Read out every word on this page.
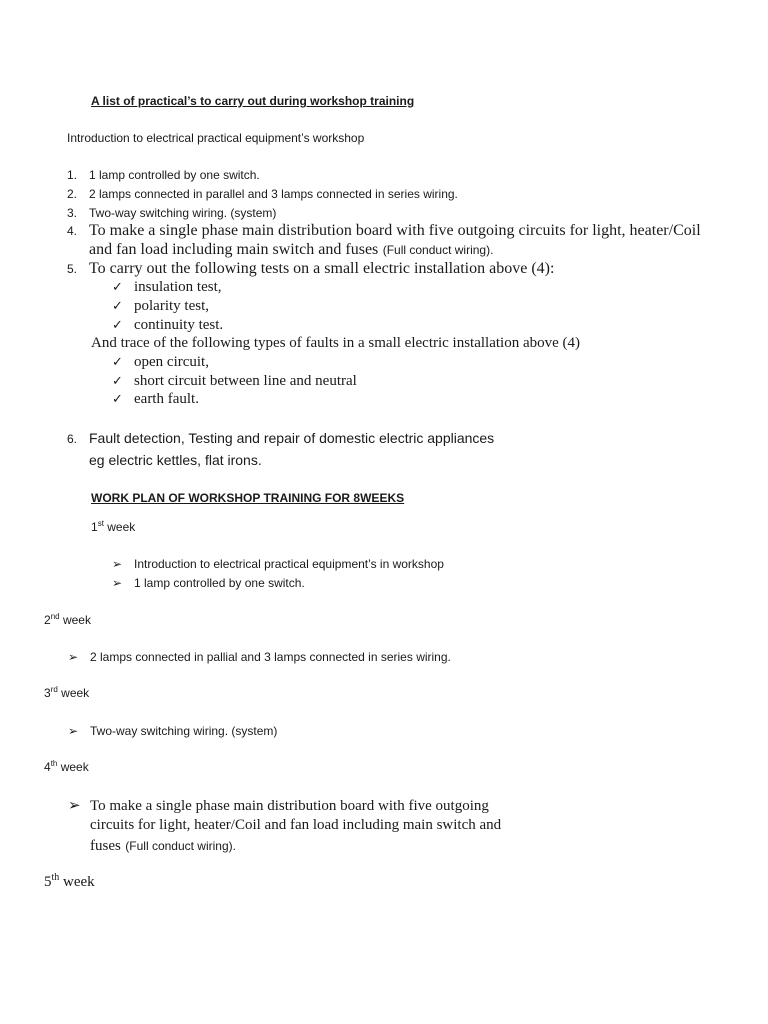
A list of practical’s to carry out during workshop training
Introduction to electrical practical equipment’s workshop
1. 1 lamp controlled by one switch.
2. 2 lamps connected in parallel and 3 lamps connected in series wiring.
3. Two-way switching wiring. (system)
4. To make a single phase main distribution board with five outgoing circuits for light, heater/Coil
and fan load including main switch and fuses (Full conduct wiring).
5. To carry out the following tests on a small electric installation above (4):
✓ insulation test,
✓ polarity test,
✓ continuity test.
And trace of the following types of faults in a small electric installation above (4)
✓ open circuit,
✓ short circuit between line and neutral
✓ earth fault.
6. Fault detection, Testing and repair of domestic electric appliances
eg electric kettles, flat irons.
WORK PLAN OF WORKSHOP TRAINING FOR 8WEEKS
1st week
➢ Introduction to electrical practical equipment’s in workshop
➢ 1 lamp controlled by one switch.
2nd week
➢ 2 lamps connected in pallial and 3 lamps connected in series wiring.
3rd week
➢ Two-way switching wiring. (system)
4th week
➢ To make a single phase main distribution board with five outgoing
circuits for light, heater/Coil and fan load including main switch and
fuses (Full conduct wiring).
5th week
